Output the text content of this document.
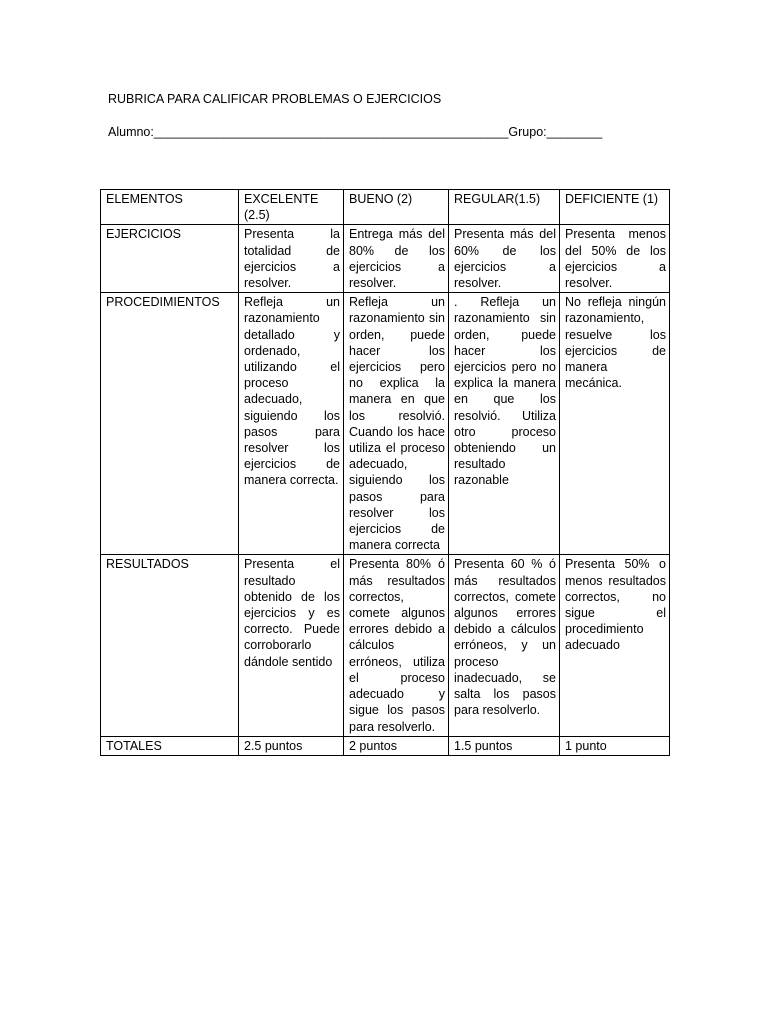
RUBRICA PARA CALIFICAR PROBLEMAS O EJERCICIOS
Alumno:___________________________________________________Grupo:________
ELEMENTOS	EXCELENTE (2.5)	BUENO (2)	REGULAR(1.5)	DEFICIENTE (1)
EJERCICIOS	Presenta la totalidad de ejercicios a resolver.	Entrega más del 80% de los ejercicios a resolver.	Presenta más del 60% de los ejercicios a resolver.	Presenta menos del 50% de los ejercicios a resolver.
PROCEDIMIENTOS	Refleja un razonamiento detallado y ordenado, utilizando el proceso adecuado, siguiendo los pasos para resolver los ejercicios de manera correcta.	Refleja un razonamiento sin orden, puede hacer los ejercicios pero no explica la manera en que los resolvió. Cuando los hace utiliza el proceso adecuado, siguiendo los pasos para resolver los ejercicios de manera correcta	. Refleja un razonamiento sin orden, puede hacer los ejercicios pero no explica la manera en que los resolvió. Utiliza otro proceso obteniendo un resultado razonable	No refleja ningún razonamiento, resuelve los ejercicios de manera mecánica.
RESULTADOS	Presenta el resultado obtenido de los ejercicios y es correcto. Puede corroborarlo dándole sentido	Presenta 80% ó más resultados correctos, comete algunos errores debido a cálculos erróneos, utiliza el proceso adecuado y sigue los pasos para resolverlo.	Presenta 60 % ó más resultados correctos, comete algunos errores debido a cálculos erróneos, y un proceso inadecuado, se salta los pasos para resolverlo.	Presenta 50% o menos resultados correctos, no sigue el procedimiento adecuado
TOTALES	2.5 puntos	2 puntos	1.5 puntos	1 punto
